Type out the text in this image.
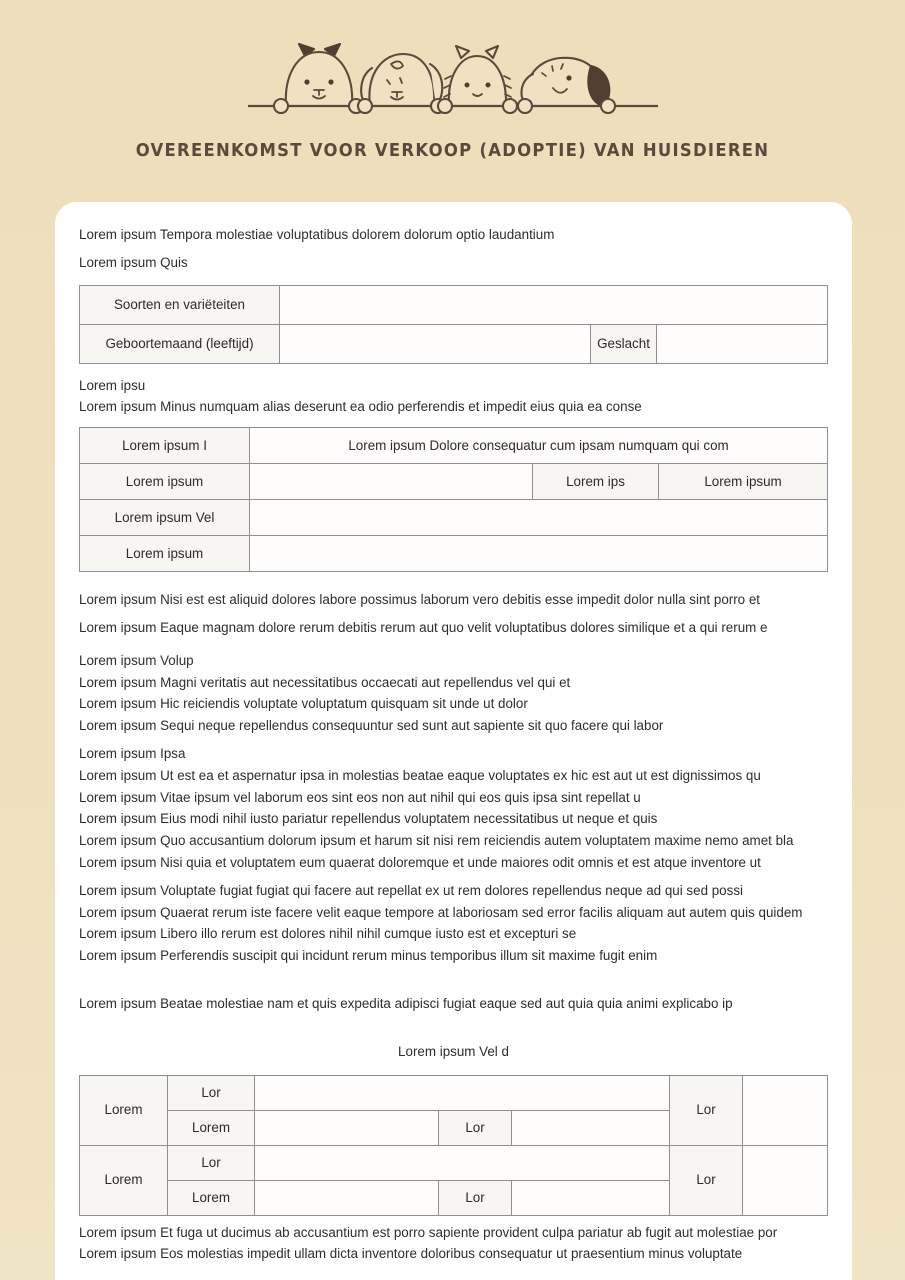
OVEREENKOMST VOOR VERKOOP (ADOPTIE) VAN HUISDIEREN

Lorem ipsum Tempora molestiae voluptatibus dolorem dolorum optio laudantium

Lorem ipsum Quis

Soorten en variëteiten			
Geboortemaand (leeftijd)		Geslacht	

Lorem ipsu

Lorem ipsum Minus numquam alias deserunt ea odio perferendis et impedit eius quia ea conse

Lorem ipsum I	Lorem ipsum Dolore consequatur cum ipsam numquam qui com		
Lorem ipsum		Lorem ips	Lorem ipsum
Lorem ipsum Vel			
Lorem ipsum			

Lorem ipsum Nisi est est aliquid dolores labore possimus laborum vero debitis esse impedit dolor nulla sint porro et

Lorem ipsum Eaque magnam dolore rerum debitis rerum aut quo velit voluptatibus dolores similique et a qui rerum e

Lorem ipsum Volup

Lorem ipsum Magni veritatis aut necessitatibus occaecati aut repellendus vel qui et

Lorem ipsum Hic reiciendis voluptate voluptatum quisquam sit unde ut dolor

Lorem ipsum Sequi neque repellendus consequuntur sed sunt aut sapiente sit quo facere qui labor

Lorem ipsum Ipsa

Lorem ipsum Ut est ea et aspernatur ipsa in molestias beatae eaque voluptates ex hic est aut ut est dignissimos qu

Lorem ipsum Vitae ipsum vel laborum eos sint eos non aut nihil qui eos quis ipsa sint repellat u

Lorem ipsum Eius modi nihil iusto pariatur repellendus voluptatem necessitatibus ut neque et quis

Lorem ipsum Quo accusantium dolorum ipsum et harum sit nisi rem reiciendis autem voluptatem maxime nemo amet bla

Lorem ipsum Nisi quia et voluptatem eum quaerat doloremque et unde maiores odit omnis et est atque inventore ut

Lorem ipsum Voluptate fugiat fugiat qui facere aut repellat ex ut rem dolores repellendus neque ad qui sed possi

Lorem ipsum Quaerat rerum iste facere velit eaque tempore at laboriosam sed error facilis aliquam aut autem quis quidem

Lorem ipsum Libero illo rerum est dolores nihil nihil cumque iusto est et excepturi se

Lorem ipsum Perferendis suscipit qui incidunt rerum minus temporibus illum sit maxime fugit enim

Lorem ipsum Beatae molestiae nam et quis expedita adipisci fugiat eaque sed aut quia quia animi explicabo ip

Lorem ipsum Vel d

Lorem	Lor				Lor	
	Lorem		Lor			
Lorem	Lor				Lor	
	Lorem		Lor			

Lorem ipsum Et fuga ut ducimus ab accusantium est porro sapiente provident culpa pariatur ab fugit aut molestiae por

Lorem ipsum Eos molestias impedit ullam dicta inventore doloribus consequatur ut praesentium minus voluptate
